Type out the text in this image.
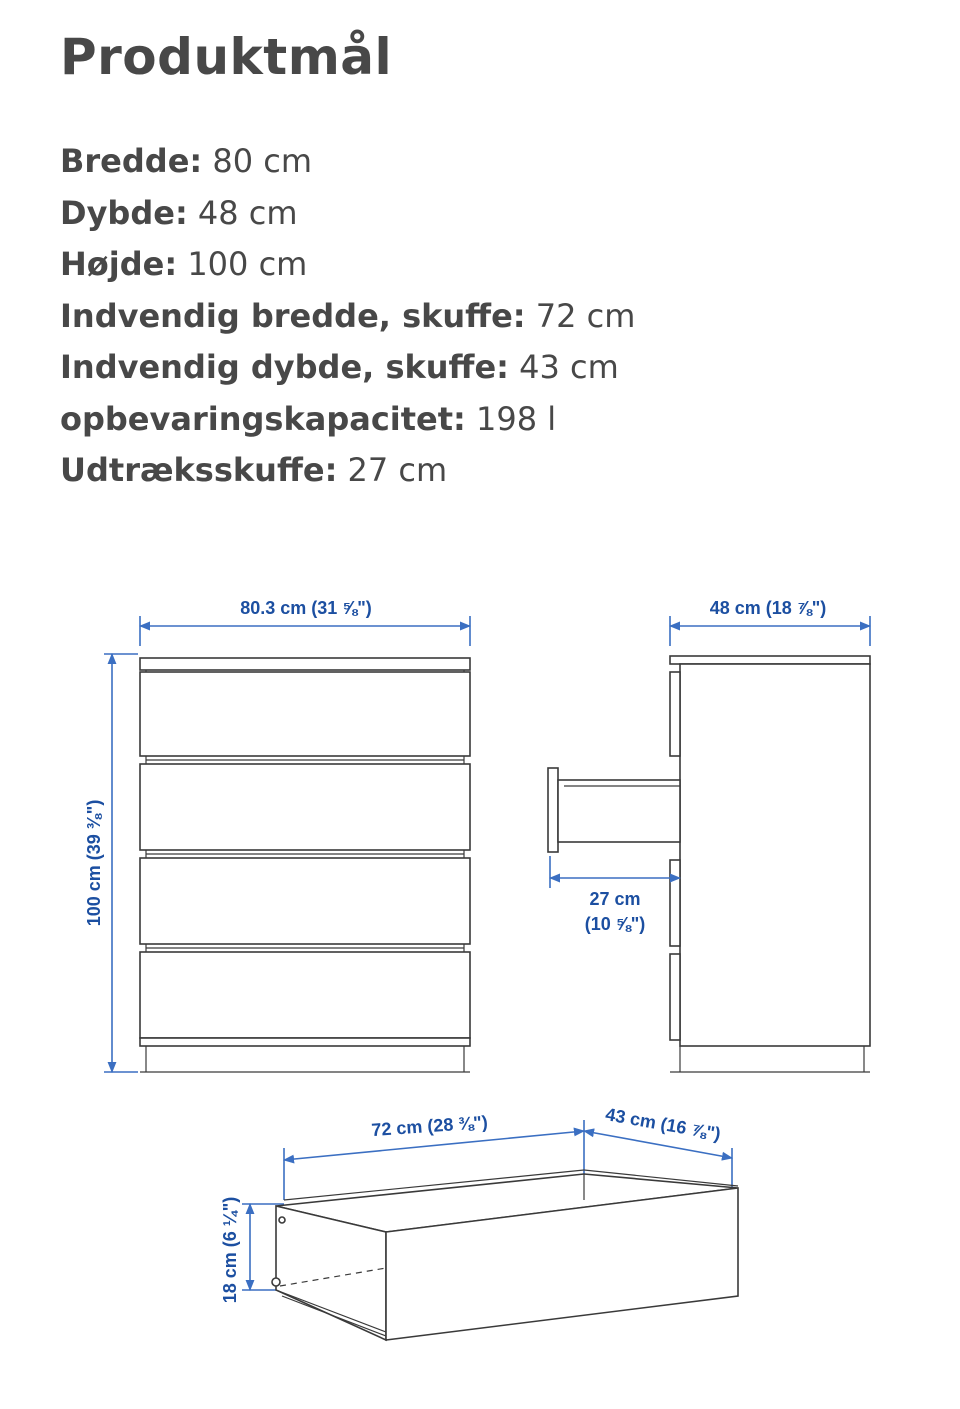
Produktmål
Bredde: 80 cm
Dybde: 48 cm
Højde: 100 cm
Indvendig bredde, skuffe: 72 cm
Indvendig dybde, skuffe: 43 cm
opbevaringskapacitet: 198 l
Udtræksskuffe: 27 cm
80.3 cm (31 ⅝")
100 cm (39 ⅜")
48 cm (18 ⅞")
27 cm
(10 ⅝")
72 cm (28 ⅜")	43 cm (16 ⅞")
18 cm (6 ¼")
